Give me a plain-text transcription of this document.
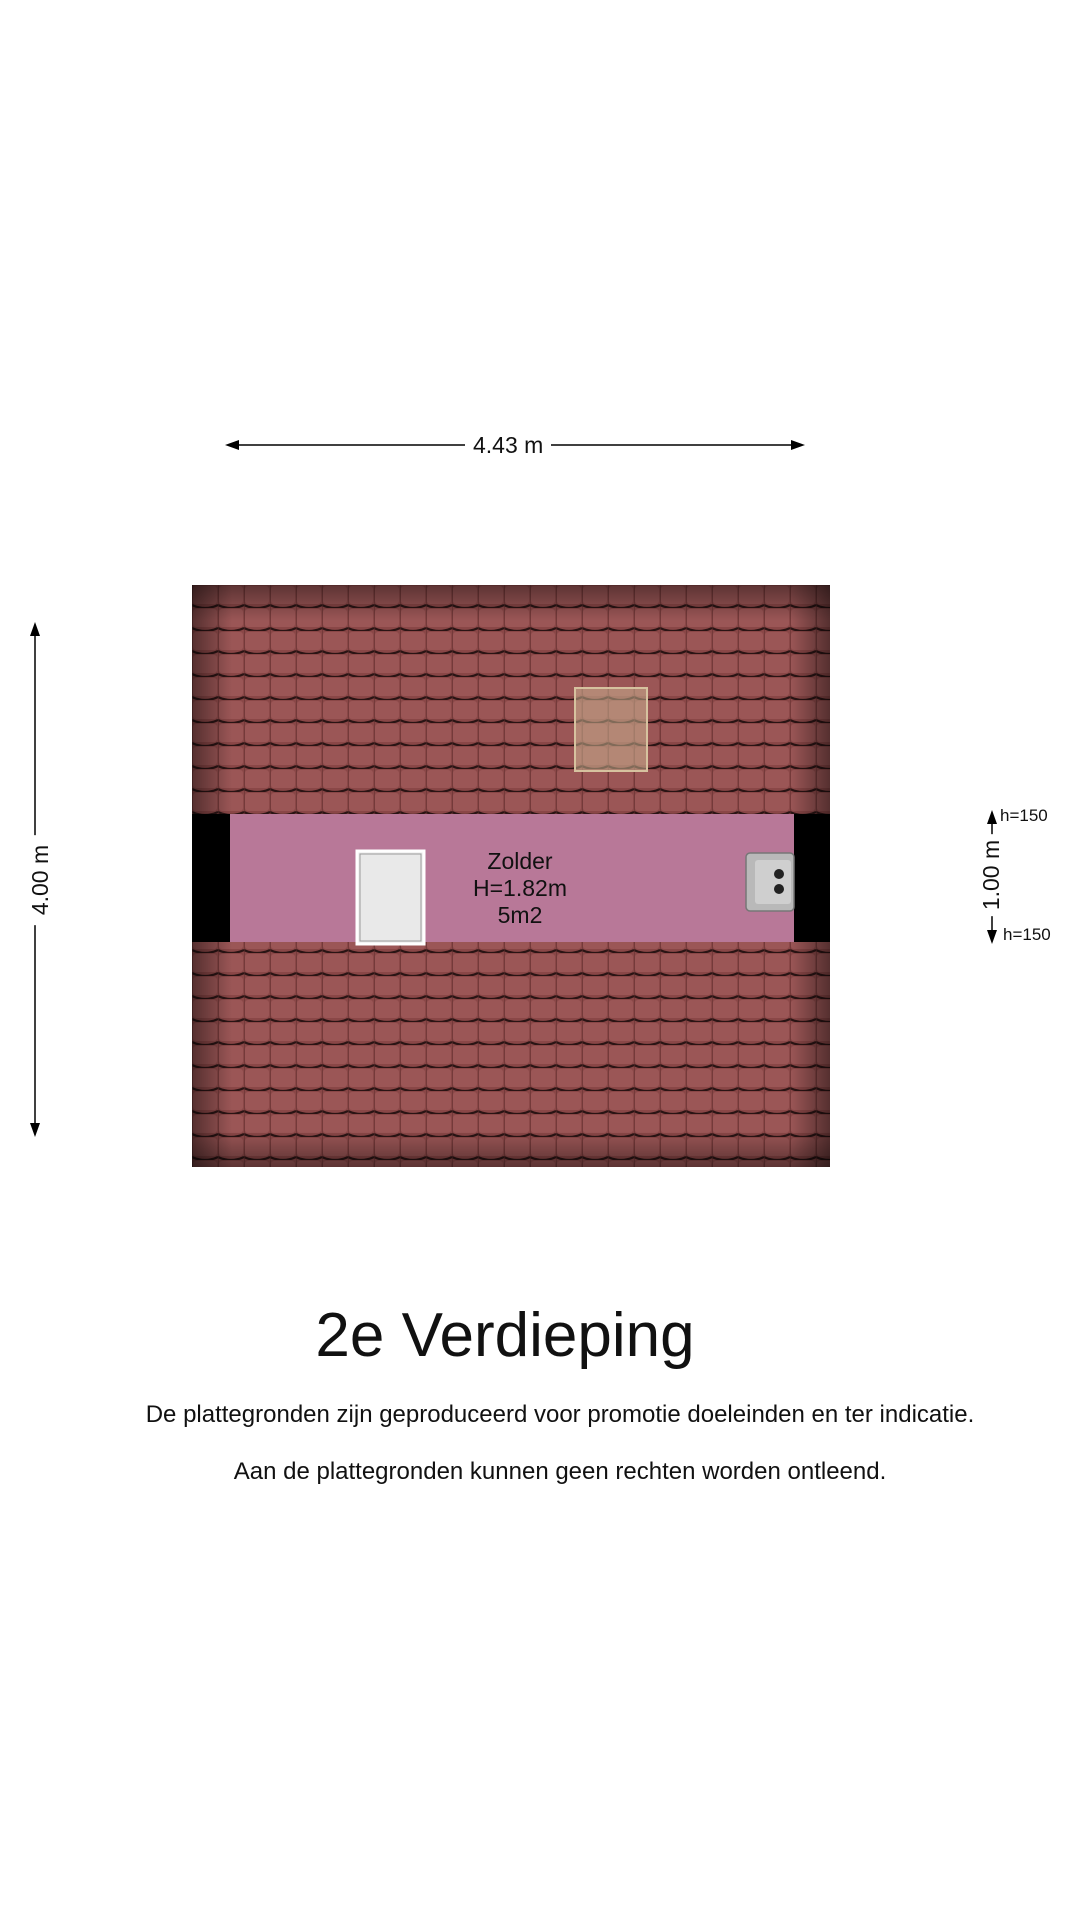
4.43 m
4.00 m	1.00 m
h=150
h=150
Zolder
H=1.82m
5m2
2e Verdieping
De plattegronden zijn geproduceerd voor promotie doeleinden en ter indicatie.
Aan de plattegronden kunnen geen rechten worden ontleend.
